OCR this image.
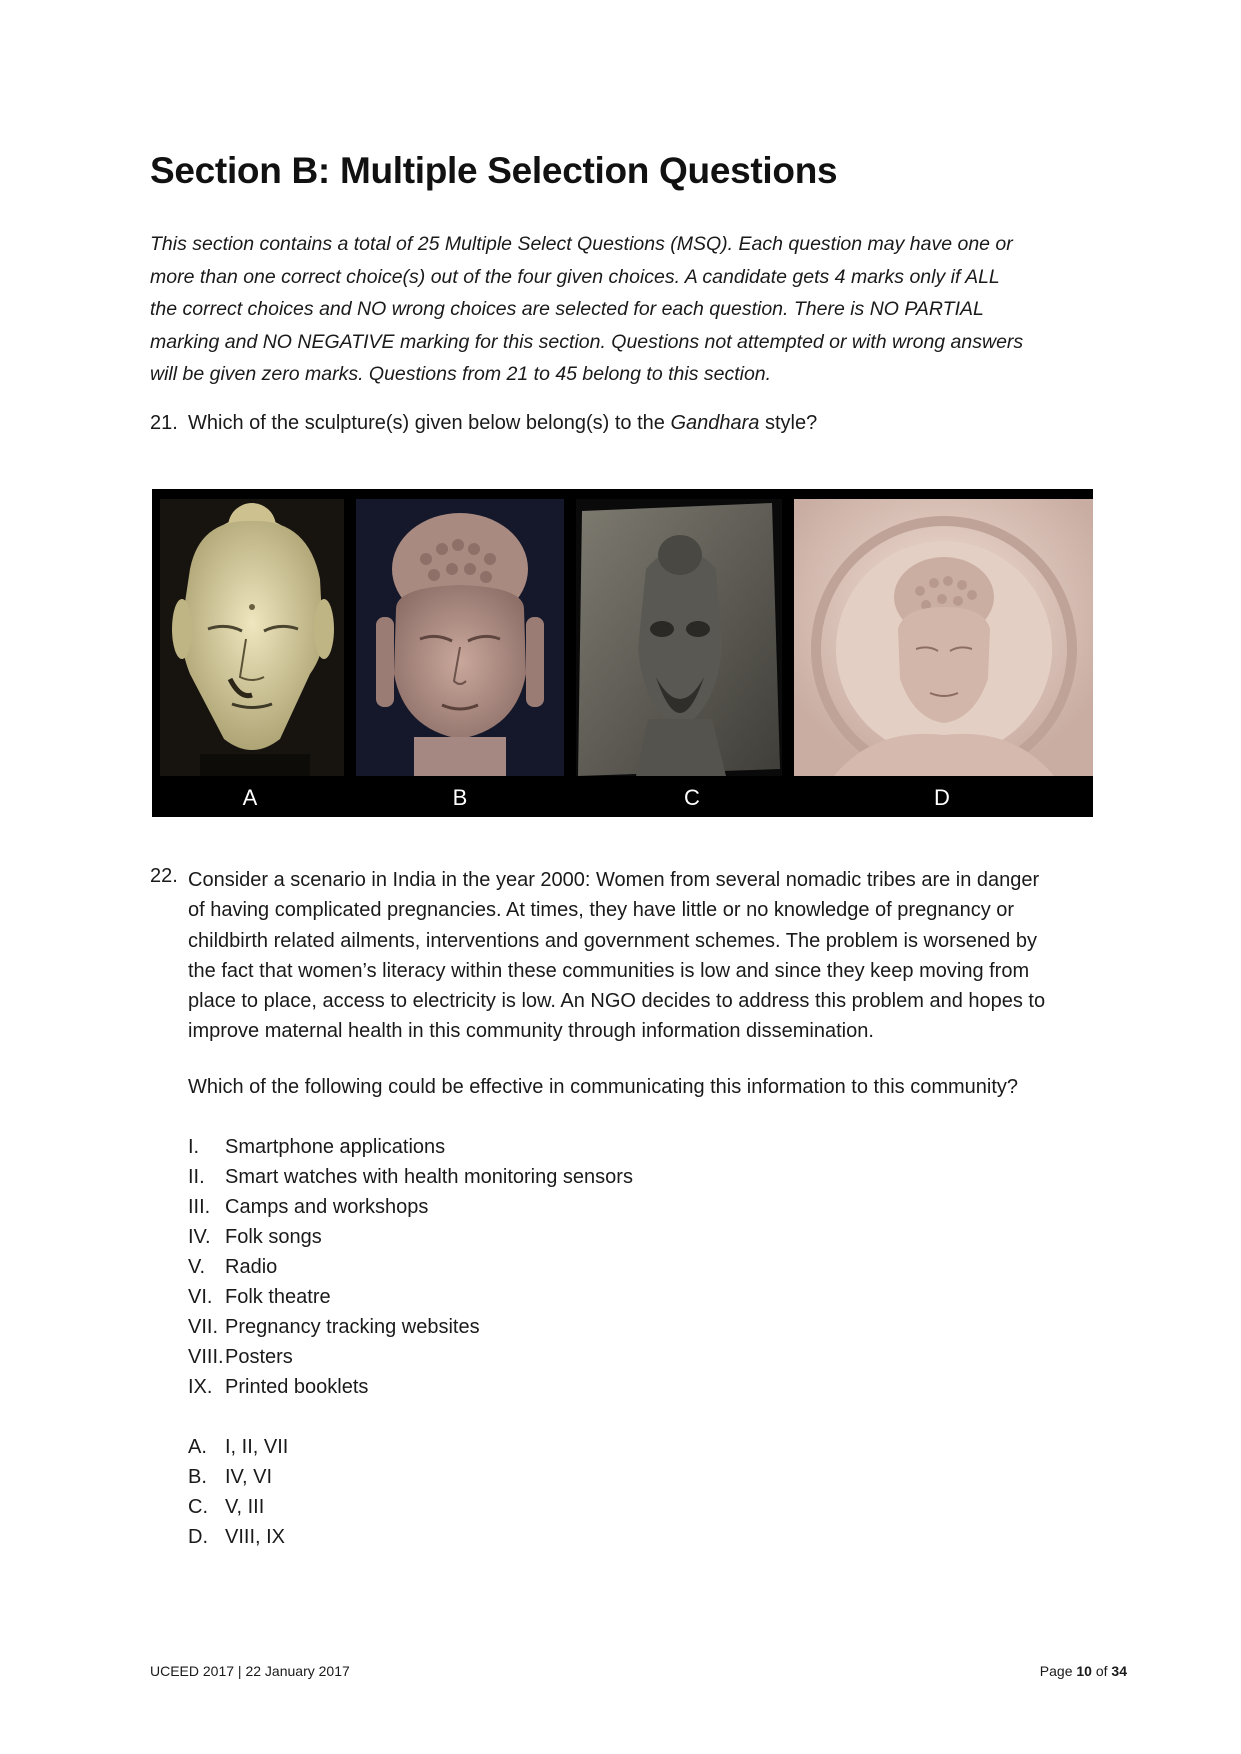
Section B: Multiple Selection Questions
This section contains a total of 25 Multiple Select Questions (MSQ). Each question may have one or
more than one correct choice(s) out of the four given choices. A candidate gets 4 marks only if ALL
the correct choices and NO wrong choices are selected for each question. There is NO PARTIAL
marking and NO NEGATIVE marking for this section. Questions not attempted or with wrong answers
will be given zero marks. Questions from 21 to 45 belong to this section.
21. Which of the sculpture(s) given below belong(s) to the Gandhara style?
A	B	C	D
22. Consider a scenario in India in the year 2000: Women from several nomadic tribes are in danger
of having complicated pregnancies. At times, they have little or no knowledge of pregnancy or
childbirth related ailments, interventions and government schemes. The problem is worsened by
the fact that women’s literacy within these communities is low and since they keep moving from
place to place, access to electricity is low. An NGO decides to address this problem and hopes to
improve maternal health in this community through information dissemination.
Which of the following could be effective in communicating this information to this community?
I. Smartphone applications
II. Smart watches with health monitoring sensors
III. Camps and workshops
IV. Folk songs
V. Radio
VI. Folk theatre
VII. Pregnancy tracking websites
VIII. Posters
IX. Printed booklets
A. I, II, VII
B. IV, VI
C. V, III
D. VIII, IX
UCEED 2017 | 22 January 2017	Page 10 of 34
